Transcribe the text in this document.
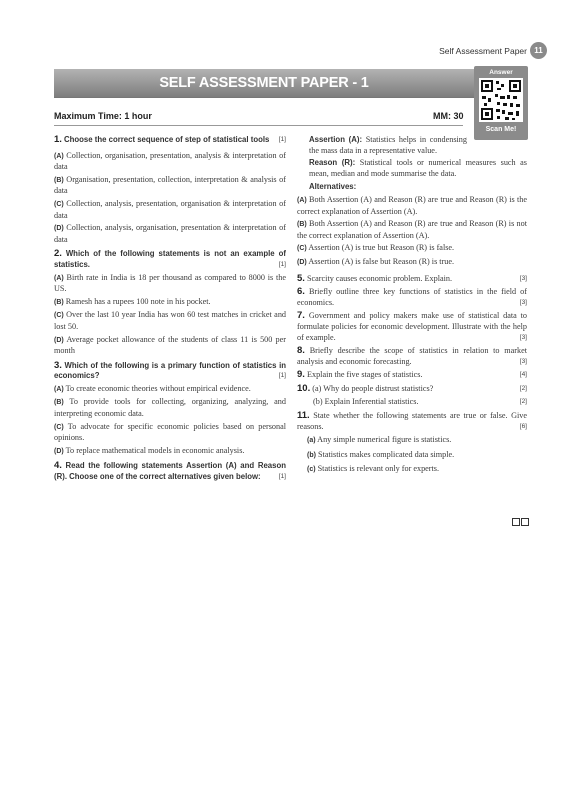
Self Assessment Paper 11
SELF ASSESSMENT PAPER - 1
Answer
Scan Me!
Maximum Time: 1 hour	MM: 30

1. Choose the correct sequence of step of statistical tools [1]

(A) Collection, organisation, presentation, analysis & interpretation of data

(B) Organisation, presentation, collection, interpretation & analysis of data

(C) Collection, analysis, presentation, organisation & interpretation of data

(D) Collection, analysis, organisation, presentation & interpretation of data

2. Which of the following statements is not an example of statistics.	[1]

(A) Birth rate in India is 18 per thousand as compared to 8000 is the US.

(B) Ramesh has a rupees 100 note in his pocket.

(C) Over the last 10 year India has won 60 test matches in cricket and lost 50.

(D) Average pocket allowance of the students of class 11 is 500 per month

3. Which of the following is a primary function of statistics in economics?	[1]

(A) To create economic theories without empirical evidence.

(B) To provide tools for collecting, organizing, analyzing, and interpreting economic data.

(C) To advocate for specific economic policies based on personal opinions.

(D) To replace mathematical models in economic analysis.

4. Read the following statements Assertion (A) and Reason (R). Choose one of the correct alternatives given below:	[1]

Assertion (A): Statistics helps in condensing the mass data in a representative value.

Reason (R): Statistical tools or numerical measures such as mean, median and mode summarise the data.

Alternatives:

(A) Both Assertion (A) and Reason (R) are true and Reason (R) is the correct explanation of Assertion (A).

(B) Both Assertion (A) and Reason (R) are true and Reason (R) is not the correct explanation of Assertion (A).

(C) Assertion (A) is true but Reason (R) is false.

(D) Assertion (A) is false but Reason (R) is true.

5. Scarcity causes economic problem. Explain.	[3]

6. Briefly outline three key functions of statistics in the field of economics.	[3]

7. Government and policy makers make use of statistical data to formulate policies for economic development. Illustrate with the help of example.	[3]

8. Briefly describe the scope of statistics in relation to market analysis and economic forecasting.	[3]

9. Explain the five stages of statistics.	[4]

10. (a) Why do people distrust statistics?	[2]

(b) Explain Inferential statistics.	[2]

11. State whether the following statements are true or false. Give reasons.	[6]

(a) Any simple numerical figure is statistics.

(b) Statistics makes complicated data simple.

(c) Statistics is relevant only for experts.
